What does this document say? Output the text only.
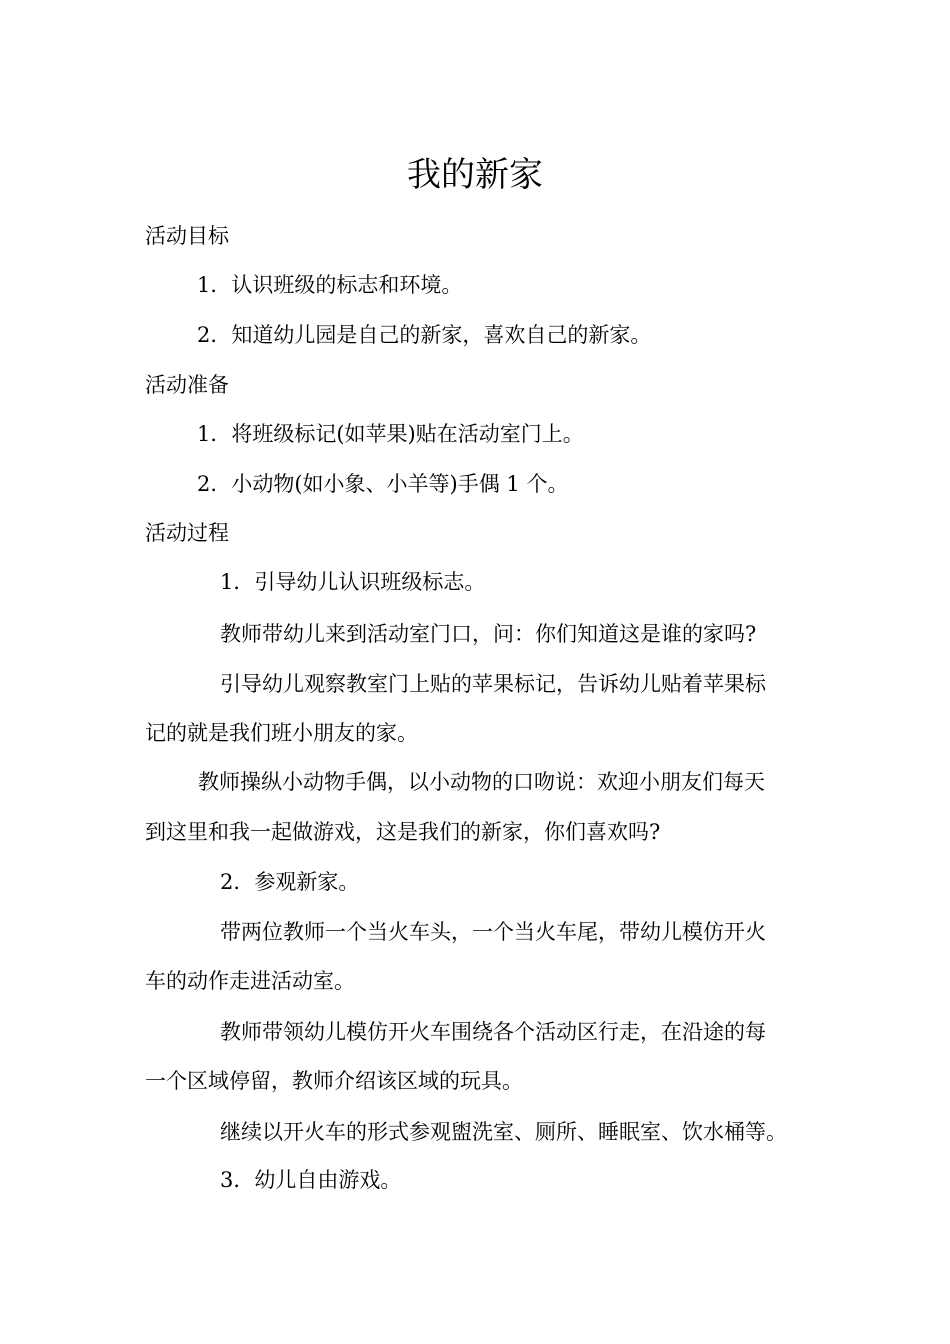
我的新家
活动目标
1．认识班级的标志和环境。
2．知道幼儿园是自己的新家，喜欢自己的新家。
活动准备
1．将班级标记(如苹果)贴在活动室门上。
2．小动物(如小象、小羊等)手偶 1 个。
活动过程
1．引导幼儿认识班级标志。
教师带幼儿来到活动室门口，问：你们知道这是谁的家吗?
引导幼儿观察教室门上贴的苹果标记，告诉幼儿贴着苹果标
记的就是我们班小朋友的家。
教师操纵小动物手偶，以小动物的口吻说：欢迎小朋友们每天
到这里和我一起做游戏，这是我们的新家，你们喜欢吗?
2．参观新家。
带两位教师一个当火车头，一个当火车尾，带幼儿模仿开火
车的动作走进活动室。
教师带领幼儿模仿开火车围绕各个活动区行走，在沿途的每
一个区域停留，教师介绍该区域的玩具。
继续以开火车的形式参观盥洗室、厕所、睡眠室、饮水桶等。
3．幼儿自由游戏。
